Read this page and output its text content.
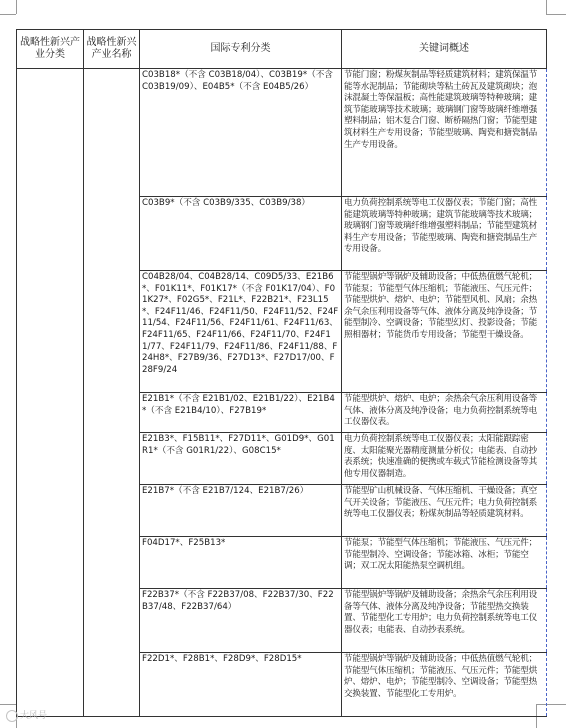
战略性新兴产业分类	战略性新兴产业名称	国际专利分类	关键词概述
		C03B18*（不含 C03B18/04）、C03B19*（不含 C03B19/09）、E04B5*（不含 E04B5/26）	节能门窗；粉煤灰制品等轻质建筑材料；建筑保温节能等水泥制品；节能砌块等粘土砖瓦及建筑砌块；泡沫混凝土等保温板；高性能建筑玻璃等特种玻璃；建筑节能玻璃等技术玻璃；玻璃钢门窗等玻璃纤维增强塑料制品；铝木复合门窗、断桥隔热门窗；节能型建筑材料生产专用设备；节能型玻璃、陶瓷和搪瓷制品生产专用设备。
		C03B9*（不含 C03B9/335、C03B9/38）	电力负荷控制系统等电工仪器仪表；节能门窗；高性能建筑玻璃等特种玻璃；建筑节能玻璃等技术玻璃；玻璃钢门窗等玻璃纤维增强塑料制品；节能型建筑材料生产专用设备；节能型玻璃、陶瓷和搪瓷制品生产专用设备。
		C04B28/04、C04B28/14、C09D5/33、E21B6*、F01K11*、F01K17*（不含 F01K17/04）、F01K27*、F02G5*、F21L*、F22B21*、F23L15*、F24F11/46、F24F11/50、F24F11/52、F24F11/54、F24F11/56、F24F11/61、F24F11/63、F24F11/65、F24F11/66、F24F11/70、F24F11/77、F24F11/79、F24F11/86、F24F11/88、F24H8*、F27B9/36、F27D13*、F27D17/00、F28F9/24	节能型锅炉等锅炉及辅助设备；中低热值燃气轮机；节能泵；节能型气体压缩机；节能液压、气压元件；节能型烘炉、熔炉、电炉；节能型风机、风扇；余热余气余压利用设备等气体、液体分离及纯净设备；节能型制冷、空调设备；节能型幻灯、投影设备；节能照相器材；节能货币专用设备；节能型干燥设备。
		E21B1*（不含 E21B1/02、E21B1/22）、E21B4*（不含 E21B4/10）、F27B19*	节能型烘炉、熔炉、电炉；余热余气余压利用设备等气体、液体分离及纯净设备；电力负荷控制系统等电工仪器仪表。
		E21B3*、F15B11*、F27D11*、G01D9*、G01R1*（不含 G01R1/22）、G08C15*	电力负荷控制系统等电工仪器仪表；太阳能跟踪密度、太阳能聚光器精度测量分析仪；电能表、自动抄表系统；快速准确的便携或车载式节能检测设备等其他专用仪器制造。
		E21B7*（不含 E21B7/124、E21B7/26）	节能型矿山机械设备、气体压缩机、干燥设备；真空气开关设备；节能液压、气压元件；电力负荷控制系统等电工仪器仪表；粉煤灰制品等轻质建筑材料。
		F04D17*、F25B13*	节能泵；节能型气体压缩机；节能液压、气压元件；节能型制冷、空调设备；节能冰箱、冰柜；节能空调；双工况太阳能热泵空调机组。
		F22B37*（不含 F22B37/08、F22B37/30、F22B37/48、F22B37/64）	节能型锅炉等锅炉及辅助设备；余热余气余压利用设备等气体、液体分离及纯净设备；节能型热交换装置、节能型化工专用炉；电力负荷控制系统等电工仪器仪表；电能表、自动抄表系统。
		F22D1*、F28B1*、F28D9*、F28D15*	节能型锅炉等锅炉及辅助设备；中低热值燃气轮机；节能型气体压缩机；节能液压、气压元件；节能型烘炉、熔炉、电炉；节能型制冷、空调设备；节能型热交换装置、节能型化工专用炉。
大风号
